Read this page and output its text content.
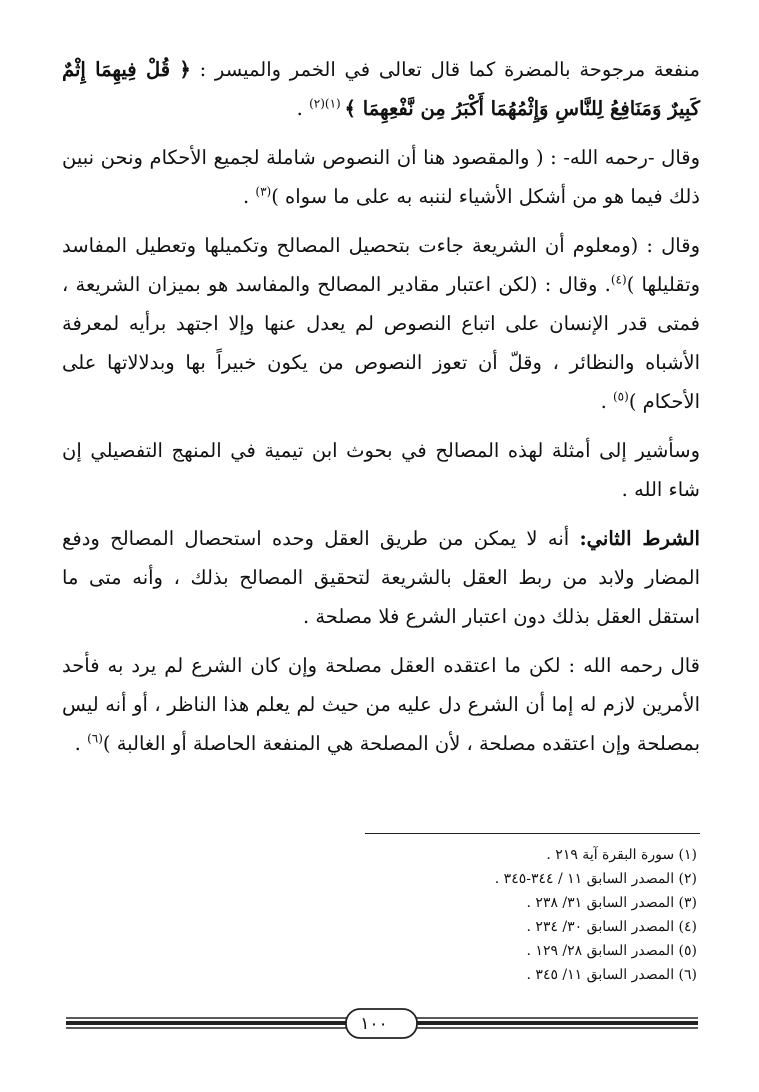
منفعة مرجوحة بالمضرة كما قال تعالى في الخمر والميسر : ﴿ قُلْ فِيهِمَا إِثْمٌ كَبِيرٌ وَمَنَافِعُ لِلنَّاسِ وَإِثْمُهُمَا أَكْبَرُ مِن نَّفْعِهِمَا ﴾ $^{(١)(٢)}$ .

وقال -رحمه الله- : ( والمقصود هنا أن النصوص شاملة لجميع الأحكام ونحن نبين ذلك فيما هو من أشكل الأشياء لننبه به على ما سواه )$^{(٣)}$ .

وقال : (ومعلوم أن الشريعة جاءت بتحصيل المصالح وتكميلها وتعطيل المفاسد وتقليلها )$^{(٤)}$. وقال : (لكن اعتبار مقادير المصالح والمفاسد هو بميزان الشريعة ، فمتى قدر الإنسان على اتباع النصوص لم يعدل عنها وإلا اجتهد برأيه لمعرفة الأشباه والنظائر ، وقلّ أن تعوز النصوص من يكون خبيراً بها وبدلالاتها على الأحكام )$^{(٥)}$ .

وسأشير إلى أمثلة لهذه المصالح في بحوث ابن تيمية في المنهج التفصيلي إن شاء الله .

الشرط الثاني: أنه لا يمكن من طريق العقل وحده استحصال المصالح ودفع المضار ولابد من ربط العقل بالشريعة لتحقيق المصالح بذلك ، وأنه متى ما استقل العقل بذلك دون اعتبار الشرع فلا مصلحة .

قال رحمه الله : لكن ما اعتقده العقل مصلحة وإن كان الشرع لم يرد به فأحد الأمرين لازم له إما أن الشرع دل عليه من حيث لم يعلم هذا الناظر ، أو أنه ليس بمصلحة وإن اعتقده مصلحة ، لأن المصلحة هي المنفعة الحاصلة أو الغالبة )$^{(٦)}$ .

(١) سورة البقرة آية ٢١٩ .
(٢) المصدر السابق ١١ / ٣٤٤-٣٤٥ .
(٣) المصدر السابق ٣١/ ٢٣٨ .
(٤) المصدر السابق ٣٠/ ٢٣٤ .
(٥) المصدر السابق ٢٨/ ١٢٩ .
(٦) المصدر السابق ١١/ ٣٤٥ .
١٠٠
